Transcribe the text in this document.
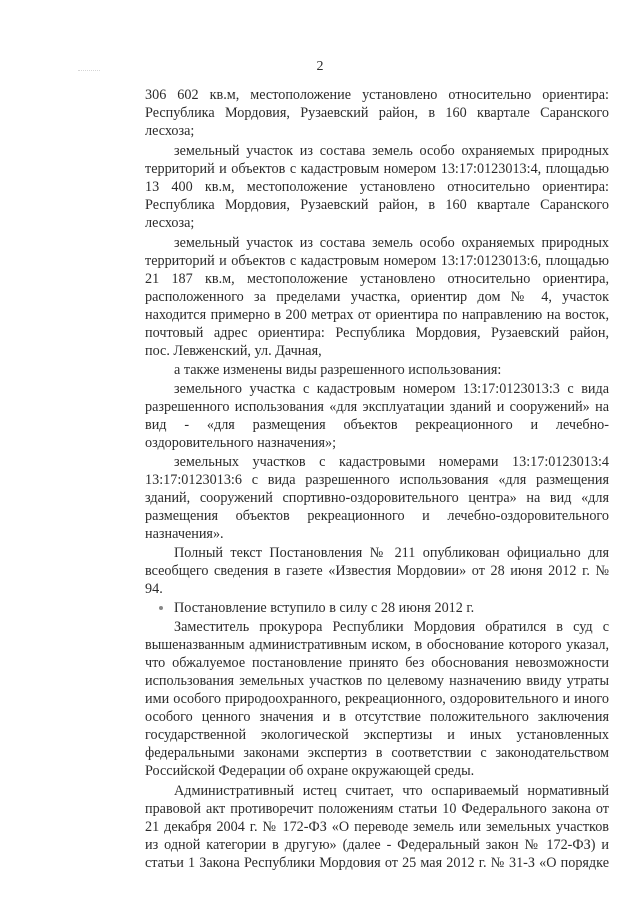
2
306 602 кв.м, местоположение установлено относительно ориентира:
Республика Мордовия, Рузаевский район, в 160 квартале Саранского
лесхоза;
земельный участок из состава земель особо охраняемых природных
территорий и объектов с кадастровым номером 13:17:0123013:4, площадью
13 400 кв.м, местоположение установлено относительно ориентира:
Республика Мордовия, Рузаевский район, в 160 квартале Саранского
лесхоза;
земельный участок из состава земель особо охраняемых природных
территорий и объектов с кадастровым номером 13:17:0123013:6, площадью
21 187 кв.м, местоположение установлено относительно ориентира,
расположенного за пределами участка, ориентир дом № 4, участок
находится примерно в 200 метрах от ориентира по направлению на восток,
почтовый адрес ориентира: Республика Мордовия, Рузаевский район,
пос. Левженский, ул. Дачная,
а также изменены виды разрешенного использования:
земельного участка с кадастровым номером 13:17:0123013:3 с вида
разрешенного использования «для эксплуатации зданий и сооружений» на
вид - «для размещения объектов рекреационного и лечебно-
оздоровительного назначения»;
земельных участков с кадастровыми номерами 13:17:0123013:4
13:17:0123013:6 с вида разрешенного использования «для размещения
зданий, сооружений спортивно-оздоровительного центра» на вид «для
размещения объектов рекреационного и лечебно-оздоровительного
назначения».
Полный текст Постановления № 211 опубликован официально для
всеобщего сведения в газете «Известия Мордовии» от 28 июня 2012 г. №
94.
Постановление вступило в силу с 28 июня 2012 г.
Заместитель прокурора Республики Мордовия обратился в суд с
вышеназванным административным иском, в обоснование которого указал,
что обжалуемое постановление принято без обоснования невозможности
использования земельных участков по целевому назначению ввиду утраты
ими особого природоохранного, рекреационного, оздоровительного и иного
особого ценного значения и в отсутствие положительного заключения
государственной экологической экспертизы и иных установленных
федеральными законами экспертиз в соответствии с законодательством
Российской Федерации об охране окружающей среды.
Административный истец считает, что оспариваемый нормативный
правовой акт противоречит положениям статьи 10 Федерального закона от
21 декабря 2004 г. № 172-ФЗ «О переводе земель или земельных участков
из одной категории в другую» (далее - Федеральный закон № 172-ФЗ) и
статьи 1 Закона Республики Мордовия от 25 мая 2012 г. № 31-З «О порядке
